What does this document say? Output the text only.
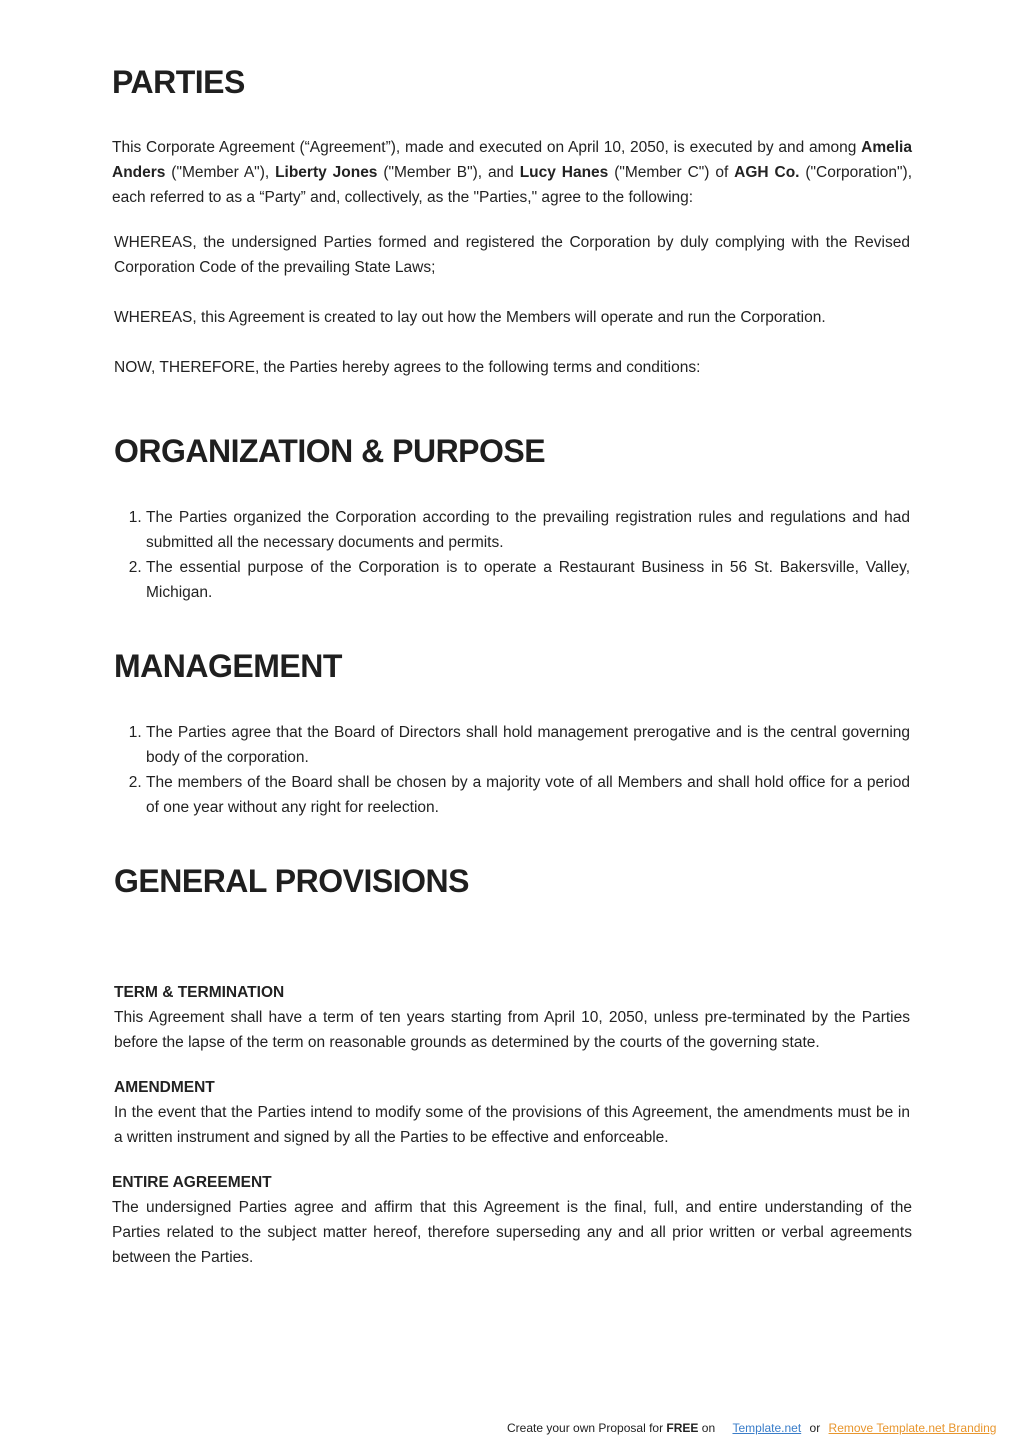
PARTIES

This Corporate Agreement (“Agreement”), made and executed on April 10, 2050, is executed by and among Amelia Anders ("Member A"), Liberty Jones ("Member B"), and Lucy Hanes ("Member C") of AGH Co. ("Corporation"), each referred to as a “Party” and, collectively, as the "Parties," agree to the following:

WHEREAS, the undersigned Parties formed and registered the Corporation by duly complying with the Revised Corporation Code of the prevailing State Laws;

WHEREAS, this Agreement is created to lay out how the Members will operate and run the Corporation.

NOW, THEREFORE, the Parties hereby agrees to the following terms and conditions:

ORGANIZATION & PURPOSE
1. The Parties organized the Corporation according to the prevailing registration rules and regulations and had submitted all the necessary documents and permits.
2. The essential purpose of the Corporation is to operate a Restaurant Business in 56 St. Bakersville, Valley, Michigan.
MANAGEMENT
1. The Parties agree that the Board of Directors shall hold management prerogative and is the central governing body of the corporation.
2. The members of the Board shall be chosen by a majority vote of all Members and shall hold office for a period of one year without any right for reelection.
GENERAL PROVISIONS
TERM & TERMINATION

This Agreement shall have a term of ten years starting from April 10, 2050, unless pre-terminated by the Parties before the lapse of the term on reasonable grounds as determined by the courts of the governing state.

AMENDMENT

In the event that the Parties intend to modify some of the provisions of this Agreement, the amendments must be in a written instrument and signed by all the Parties to be effective and enforceable.

ENTIRE AGREEMENT

The undersigned Parties agree and affirm that this Agreement is the final, full, and entire understanding of the Parties related to the subject matter hereof, therefore superseding any and all prior written or verbal agreements between the Parties.

Create your own Proposal for FREE on Template.net or Remove Template.net Branding
